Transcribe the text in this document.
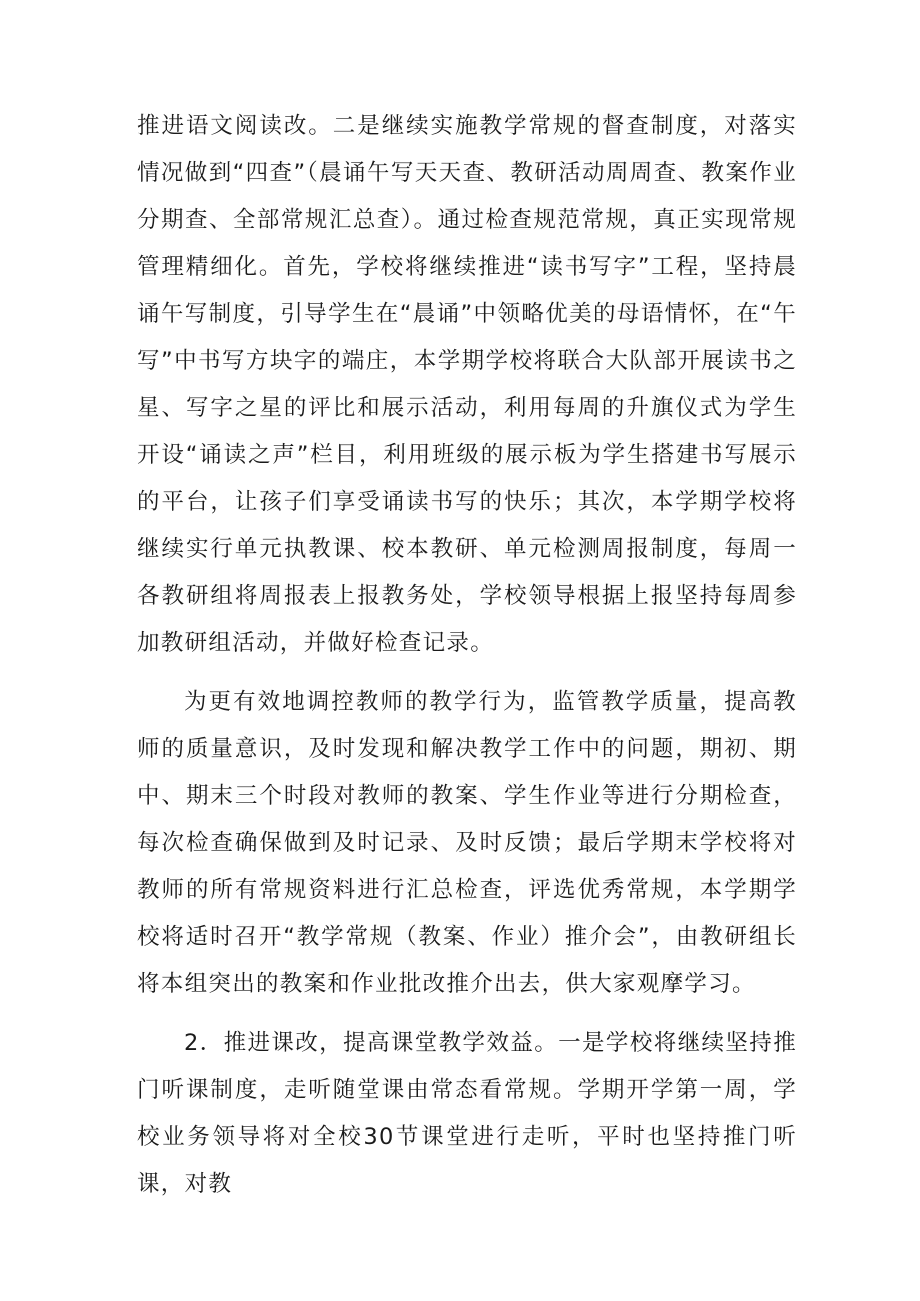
推进语文阅读改。二是继续实施教学常规的督查制度，对落实情况做到“四查”（晨诵午写天天查、教研活动周周查、教案作业分期查、全部常规汇总查）。通过检查规范常规，真正实现常规管理精细化。首先，学校将继续推进“读书写字”工程，坚持晨诵午写制度，引导学生在“晨诵”中领略优美的母语情怀，在“午写”中书写方块字的端庄，本学期学校将联合大队部开展读书之星、写字之星的评比和展示活动，利用每周的升旗仪式为学生开设“诵读之声”栏目，利用班级的展示板为学生搭建书写展示的平台，让孩子们享受诵读书写的快乐；其次，本学期学校将继续实行单元执教课、校本教研、单元检测周报制度，每周一各教研组将周报表上报教务处，学校领导根据上报坚持每周参加教研组活动，并做好检查记录。

为更有效地调控教师的教学行为，监管教学质量，提高教师的质量意识，及时发现和解决教学工作中的问题，期初、期中、期末三个时段对教师的教案、学生作业等进行分期检查，每次检查确保做到及时记录、及时反馈；最后学期末学校将对教师的所有常规资料进行汇总检查，评选优秀常规，本学期学校将适时召开“教学常规（教案、作业）推介会”，由教研组长将本组突出的教案和作业批改推介出去，供大家观摩学习。

2．推进课改，提高课堂教学效益。一是学校将继续坚持推门听课制度，走听随堂课由常态看常规。学期开学第一周，学校业务领导将对全校30节课堂进行走听，平时也坚持推门听课，对教
